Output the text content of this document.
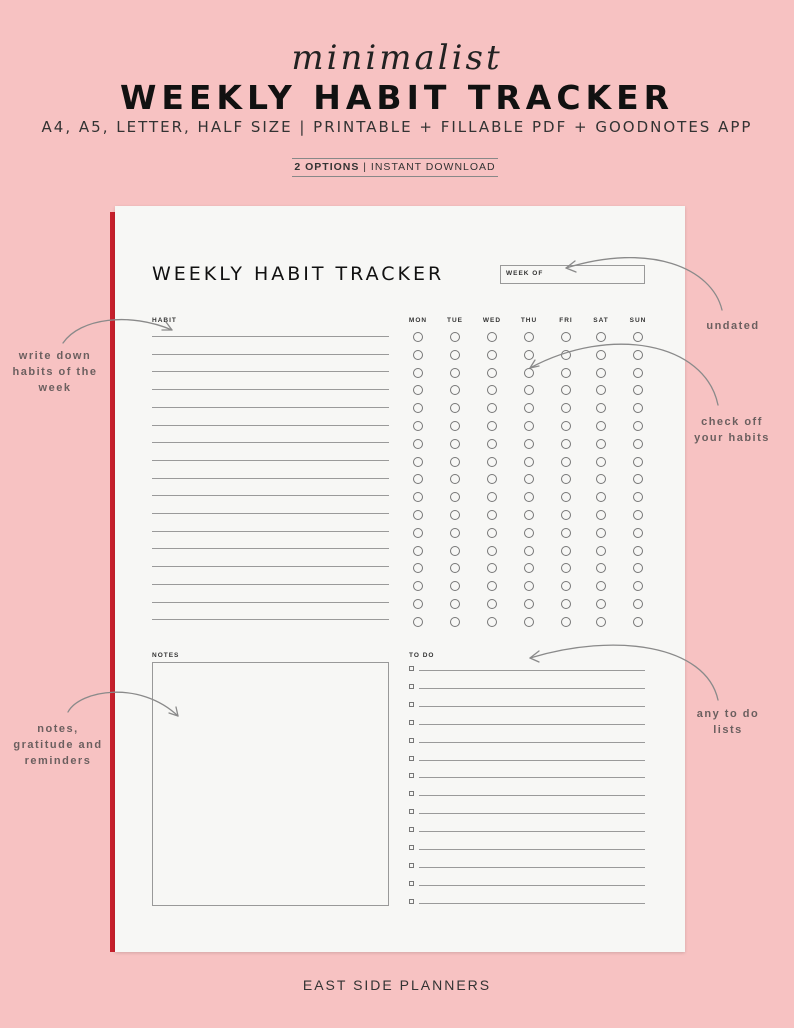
minimalist
WEEKLY HABIT TRACKER
A4, A5, LETTER, HALF SIZE | PRINTABLE + FILLABLE PDF + GOODNOTES APP
2 OPTIONS | INSTANT DOWNLOAD
WEEKLY HABIT TRACKER	WEEK OF
HABIT	MON	TUE	WED	THU	FRI	SAT	SUN
NOTES	TO DO
undated
write down
habits of the
week
check off
your habits
notes,
gratitude and
reminders
any to do
lists
EAST SIDE PLANNERS
